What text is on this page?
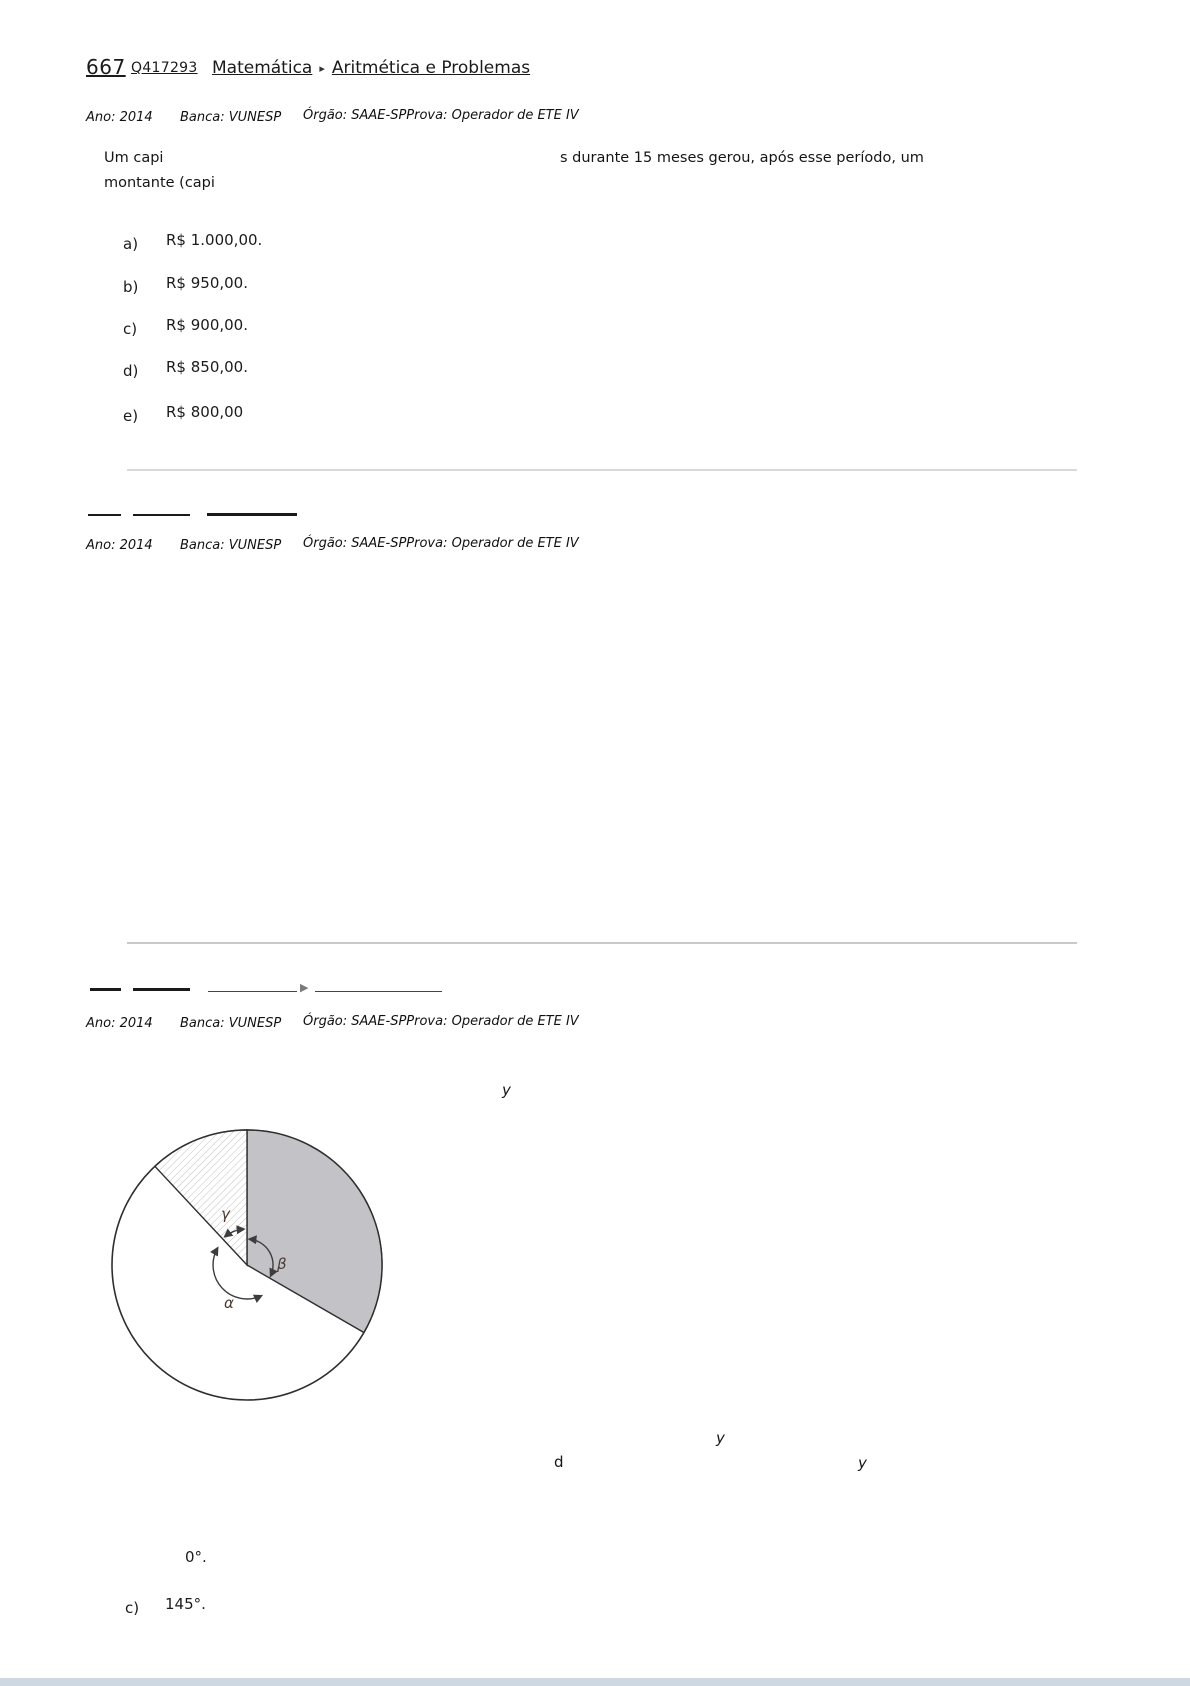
667 Q417293 Matemática ▸ Aritmética e Problemas
Ano: 2014 Banca: VUNESP Órgão: SAAE-SPProva: Operador de ETE IV
Um capi	s durante 15 meses gerou, após esse período, um
montante (capi
a) R$ 1.000,00.
b) R$ 950,00.
c) R$ 900,00.
d) R$ 850,00.
e) R$ 800,00
Ano: 2014 Banca: VUNESP Órgão: SAAE-SPProva: Operador de ETE IV
▶
Ano: 2014 Banca: VUNESP Órgão: SAAE-SPProva: Operador de ETE IV
y
γ
β
α
y
d	y
0°.
c) 145°.
